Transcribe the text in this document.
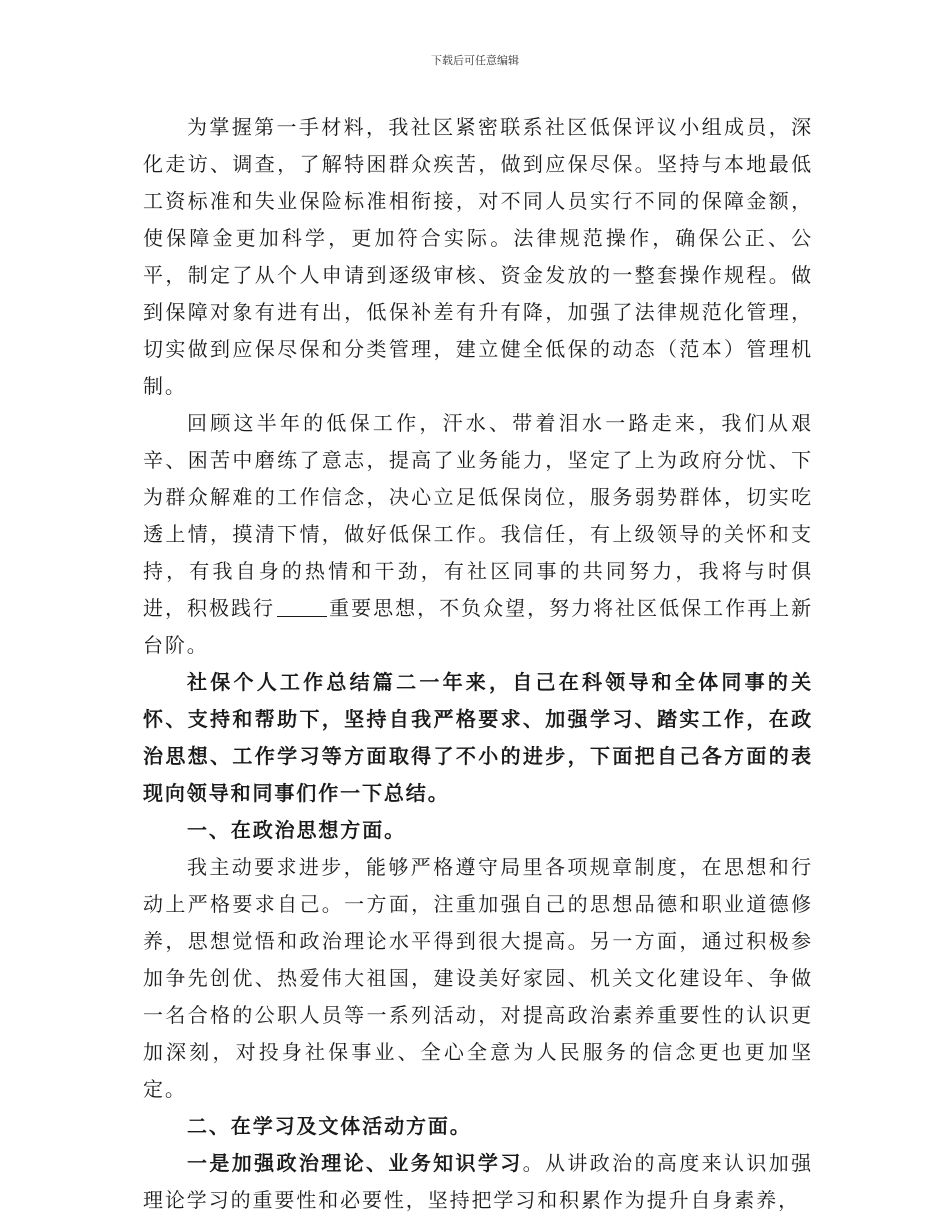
下载后可任意编辑

为掌握第一手材料，我社区紧密联系社区低保评议小组成员，深化走访、调查，了解特困群众疾苦，做到应保尽保。坚持与本地最低工资标准和失业保险标准相衔接，对不同人员实行不同的保障金额，使保障金更加科学，更加符合实际。法律规范操作，确保公正、公平，制定了从个人申请到逐级审核、资金发放的一整套操作规程。做到保障对象有进有出，低保补差有升有降，加强了法律规范化管理，切实做到应保尽保和分类管理，建立健全低保的动态（范本）管理机制。

回顾这半年的低保工作，汗水、带着泪水一路走来，我们从艰辛、困苦中磨练了意志，提高了业务能力，坚定了上为政府分忧、下为群众解难的工作信念，决心立足低保岗位，服务弱势群体，切实吃透上情，摸清下情，做好低保工作。我信任，有上级领导的关怀和支持，有我自身的热情和干劲，有社区同事的共同努力，我将与时俱进，积极践行	重要思想，不负众望，努力将社区低保工作再上新台阶。

社保个人工作总结篇二一年来，自己在科领导和全体同事的关怀、支持和帮助下，坚持自我严格要求、加强学习、踏实工作，在政治思想、工作学习等方面取得了不小的进步，下面把自己各方面的表现向领导和同事们作一下总结。

一、在政治思想方面。

我主动要求进步，能够严格遵守局里各项规章制度，在思想和行动上严格要求自己。一方面，注重加强自己的思想品德和职业道德修养，思想觉悟和政治理论水平得到很大提高。另一方面，通过积极参加争先创优、热爱伟大祖国，建设美好家园、机关文化建设年、争做一名合格的公职人员等一系列活动，对提高政治素养重要性的认识更加深刻，对投身社保事业、全心全意为人民服务的信念更也更加坚定。

二、在学习及文体活动方面。

一是加强政治理论、业务知识学习。从讲政治的高度来认识加强理论学习的重要性和必要性，坚持把学习和积累作为提升自身素养，
